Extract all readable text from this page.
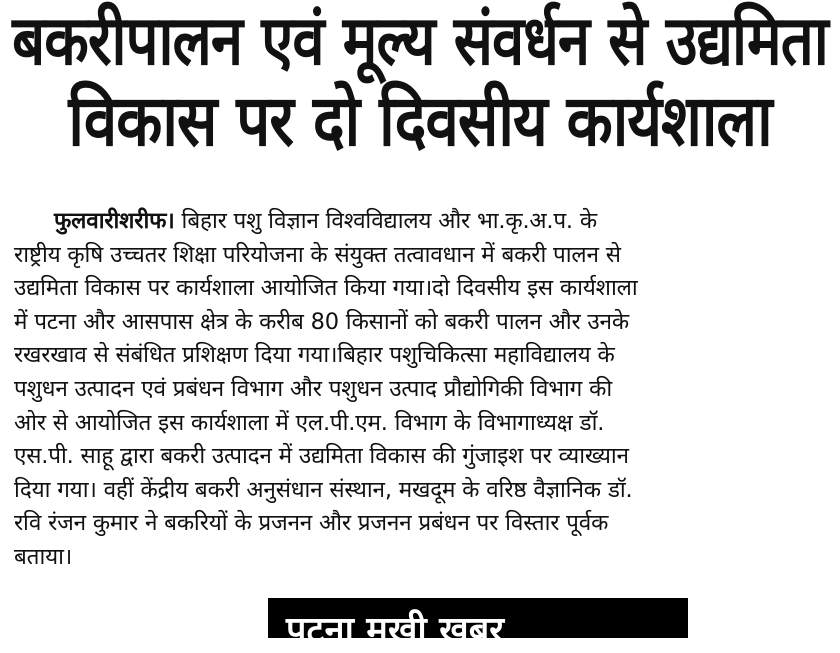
बकरीपालन एवं मूल्य संवर्धन से उद्यमिता
विकास पर दो दिवसीय कार्यशाला
फुलवारीशरीफ। बिहार पशु विज्ञान विश्वविद्यालय और भा.कृ.अ.प. के
राष्ट्रीय कृषि उच्चतर शिक्षा परियोजना के संयुक्त तत्वावधान में बकरी पालन से
उद्यमिता विकास पर कार्यशाला आयोजित किया गया।दो दिवसीय इस कार्यशाला
में पटना और आसपास क्षेत्र के करीब 80 किसानों को बकरी पालन और उनके
रखरखाव से संबंधित प्रशिक्षण दिया गया।बिहार पशुचिकित्सा महाविद्यालय के
पशुधन उत्पादन एवं प्रबंधन विभाग और पशुधन उत्पाद प्रौद्योगिकी विभाग की
ओर से आयोजित इस कार्यशाला में एल.पी.एम. विभाग के विभागाध्यक्ष डॉ.
एस.पी. साहू द्वारा बकरी उत्पादन में उद्यमिता विकास की गुंजाइश पर व्याख्यान
दिया गया। वहीं केंद्रीय बकरी अनुसंधान संस्थान, मखदूम के वरिष्ठ वैज्ञानिक डॉ.
रवि रंजन कुमार ने बकरियों के प्रजनन और प्रजनन प्रबंधन पर विस्तार पूर्वक
बताया।
पटना मखी खबर
